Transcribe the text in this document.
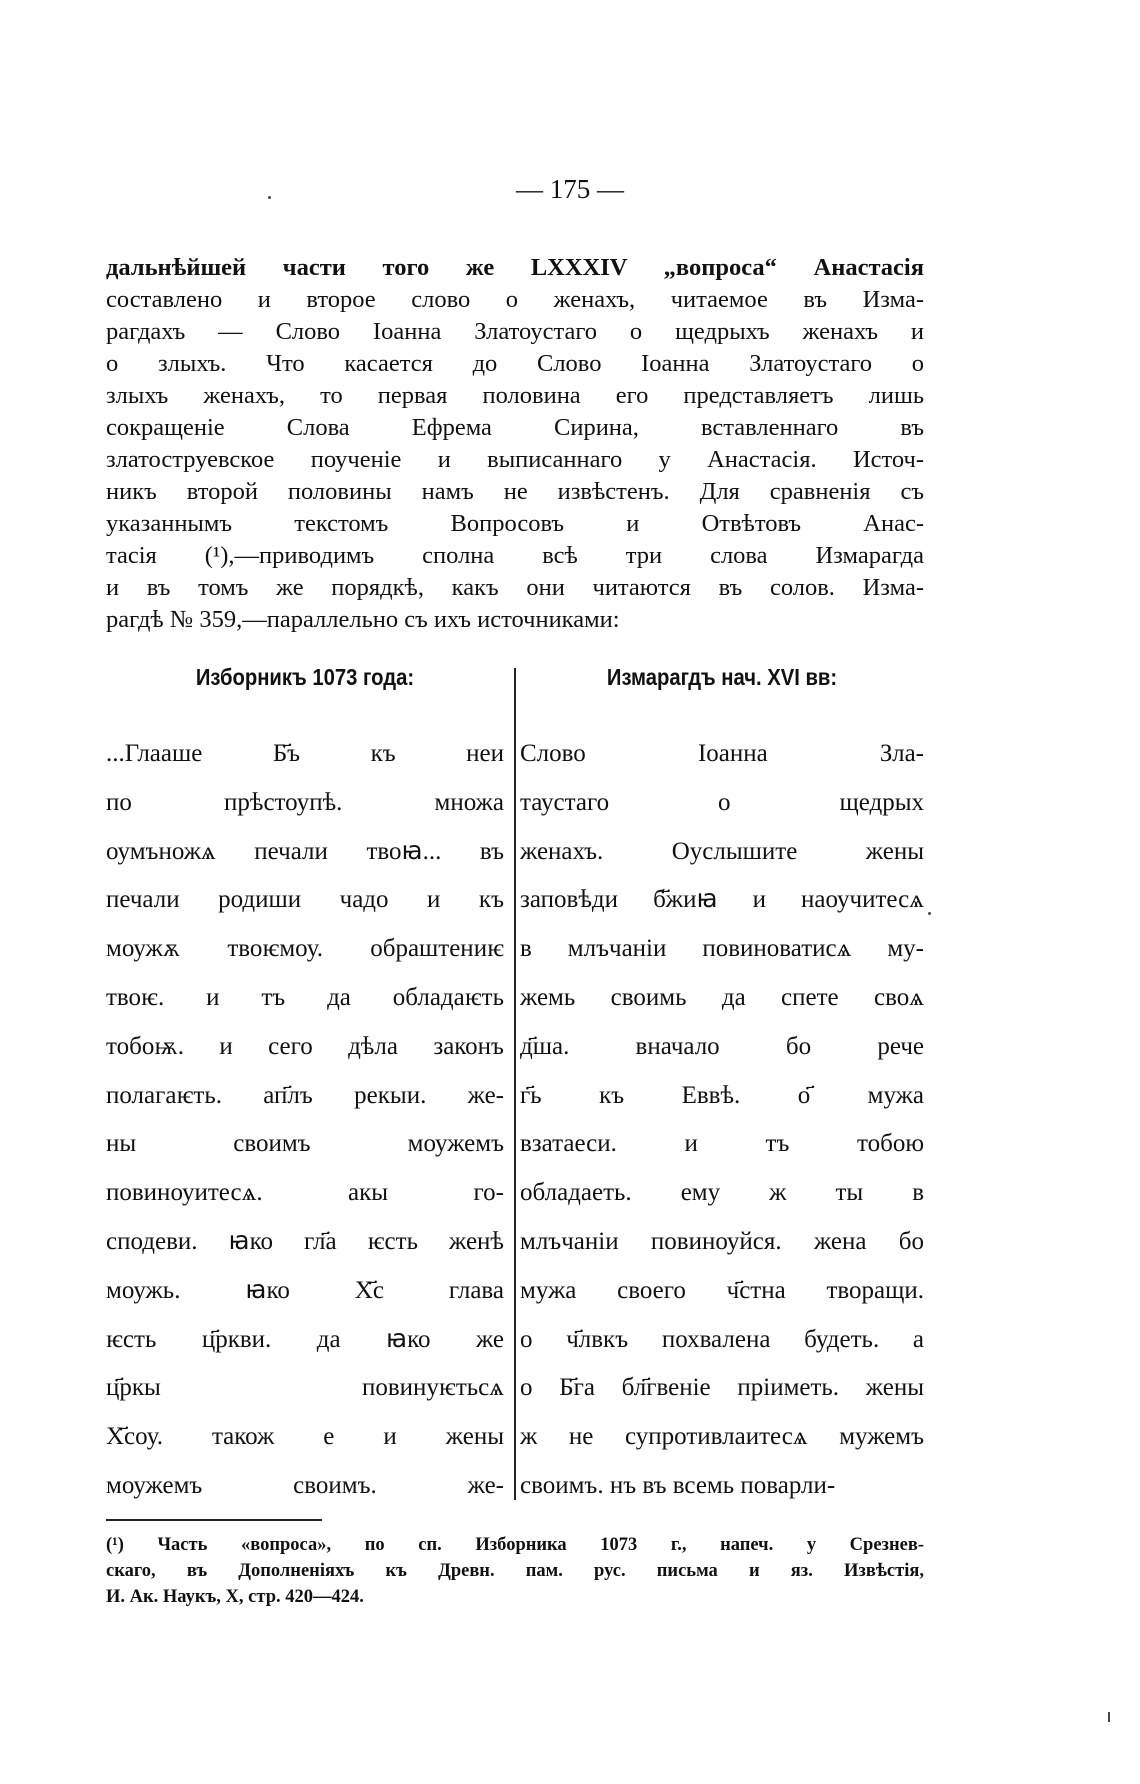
— 175 —
дальнѣйшей части того же LXXXIV „вопроса“ Анастасія
составлено и второе слово о женахъ, читаемое въ Изма-
рагдахъ — Слово Іоанна Златоустаго о щедрыхъ женахъ и
о злыхъ. Что касается до Слово Іоанна Златоустаго о
злыхъ женахъ, то первая половина его представляетъ лишь
сокращеніе Слова Ефрема Сирина, вставленнаго въ
златоструевское поученіе и выписаннаго у Анастасія. Источ-
никъ второй половины намъ не извѣстенъ. Для сравненія съ
указаннымъ текстомъ Вопросовъ и Отвѣтовъ Анас-
тасія (¹),—приводимъ сполна всѣ три слова Измарагда
и въ томъ же порядкѣ, какъ они читаются въ солов. Изма-
рагдѣ № 359,—параллельно съ ихъ источниками:
Изборникъ 1073 года:
...Глааше Б҃ъ къ неи
по прѣстоупѣ. множа
оумъножѧ печали твоꙗ... въ
печали родиши чадо и къ
моужѫ твоѥмоу. обраштениѥ
твоѥ. и тъ да обладаѥть
тобоѭ. и сего дѣла законъ
полагаѥть. ап҃лъ рекыи. же-
ны своимъ моужемъ
повиноуитесѧ. акы го-
сподеви. ꙗко гл҃а ѥсть женѣ
моужь. ꙗко Х҃с глава
ѥсть ц҃ркви. да ꙗко же
ц҃ркы повинуѥтьсѧ
Х҃соу. також е и жены
моужемъ своимъ. же-
Измарагдъ нач. XVI вв:
Слово Іоанна Зла-
таустаго о щедрых
женахъ. Оуслышите жены
заповѣди б҃жиꙗ и наоучитесѧ
в млъчаніи повиноватисѧ му-
жемь своимь да спете своѧ
д҃ша. вначало бо рече
г҃ь къ Еввѣ. о҃ мужа
взатаеси. и тъ тобою
обладаеть. ему ж ты в
млъчаніи повиноуйся. жена бо
мужа своего ч҃стна творащи.
о ч҃лвкъ похвалена будеть. а
о Б҃га бл҃гвеніе пріиметь. жены
ж не супротивлаитесѧ мужемъ
своимъ. нъ въ всемь поварли-
(¹) Часть «вопроса», по сп. Изборника 1073 г., напеч. у Срезнев-
скаго, въ Дополненіяхъ къ Древн. пам. рус. письма и яз. Извѣстія,
И. Ак. Наукъ, X, стр. 420—424.
